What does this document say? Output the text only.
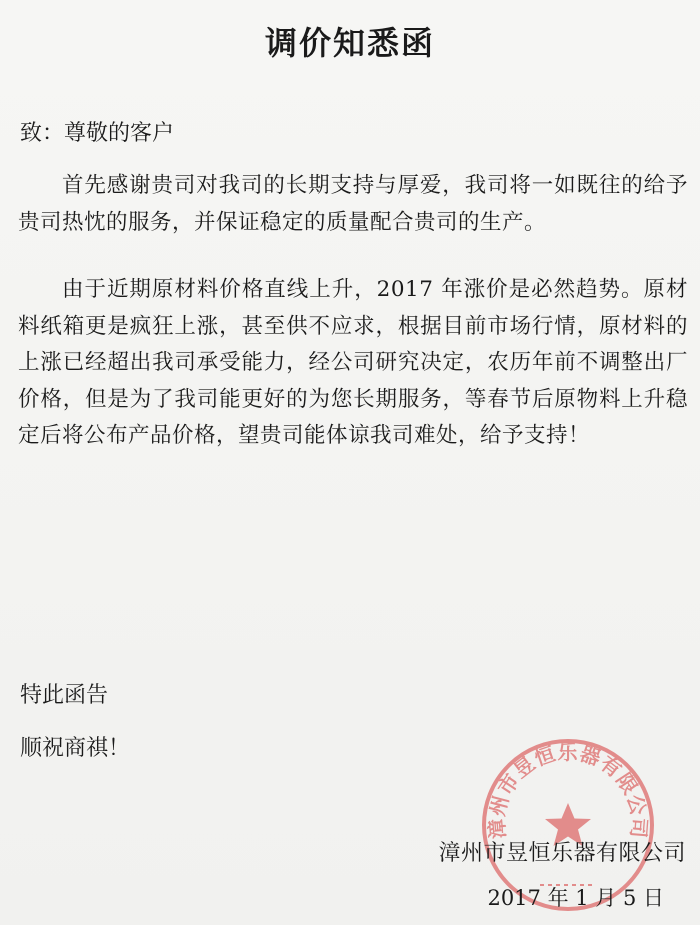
调价知悉函
致：尊敬的客户
首先感谢贵司对我司的长期支持与厚爱，我司将一如既往的给予贵司热忱的服务，并保证稳定的质量配合贵司的生产。
由于近期原材料价格直线上升，2017 年涨价是必然趋势。原材料纸箱更是疯狂上涨，甚至供不应求，根据目前市场行情，原材料的上涨已经超出我司承受能力，经公司研究决定，农历年前不调整出厂价格，但是为了我司能更好的为您长期服务，等春节后原物料上升稳定后将公布产品价格，望贵司能体谅我司难处，给予支持！
特此函告
顺祝商祺！
漳州市昱恒乐器有限公司
漳州市昱恒乐器有限公司
2017 年 1 月 5 日
